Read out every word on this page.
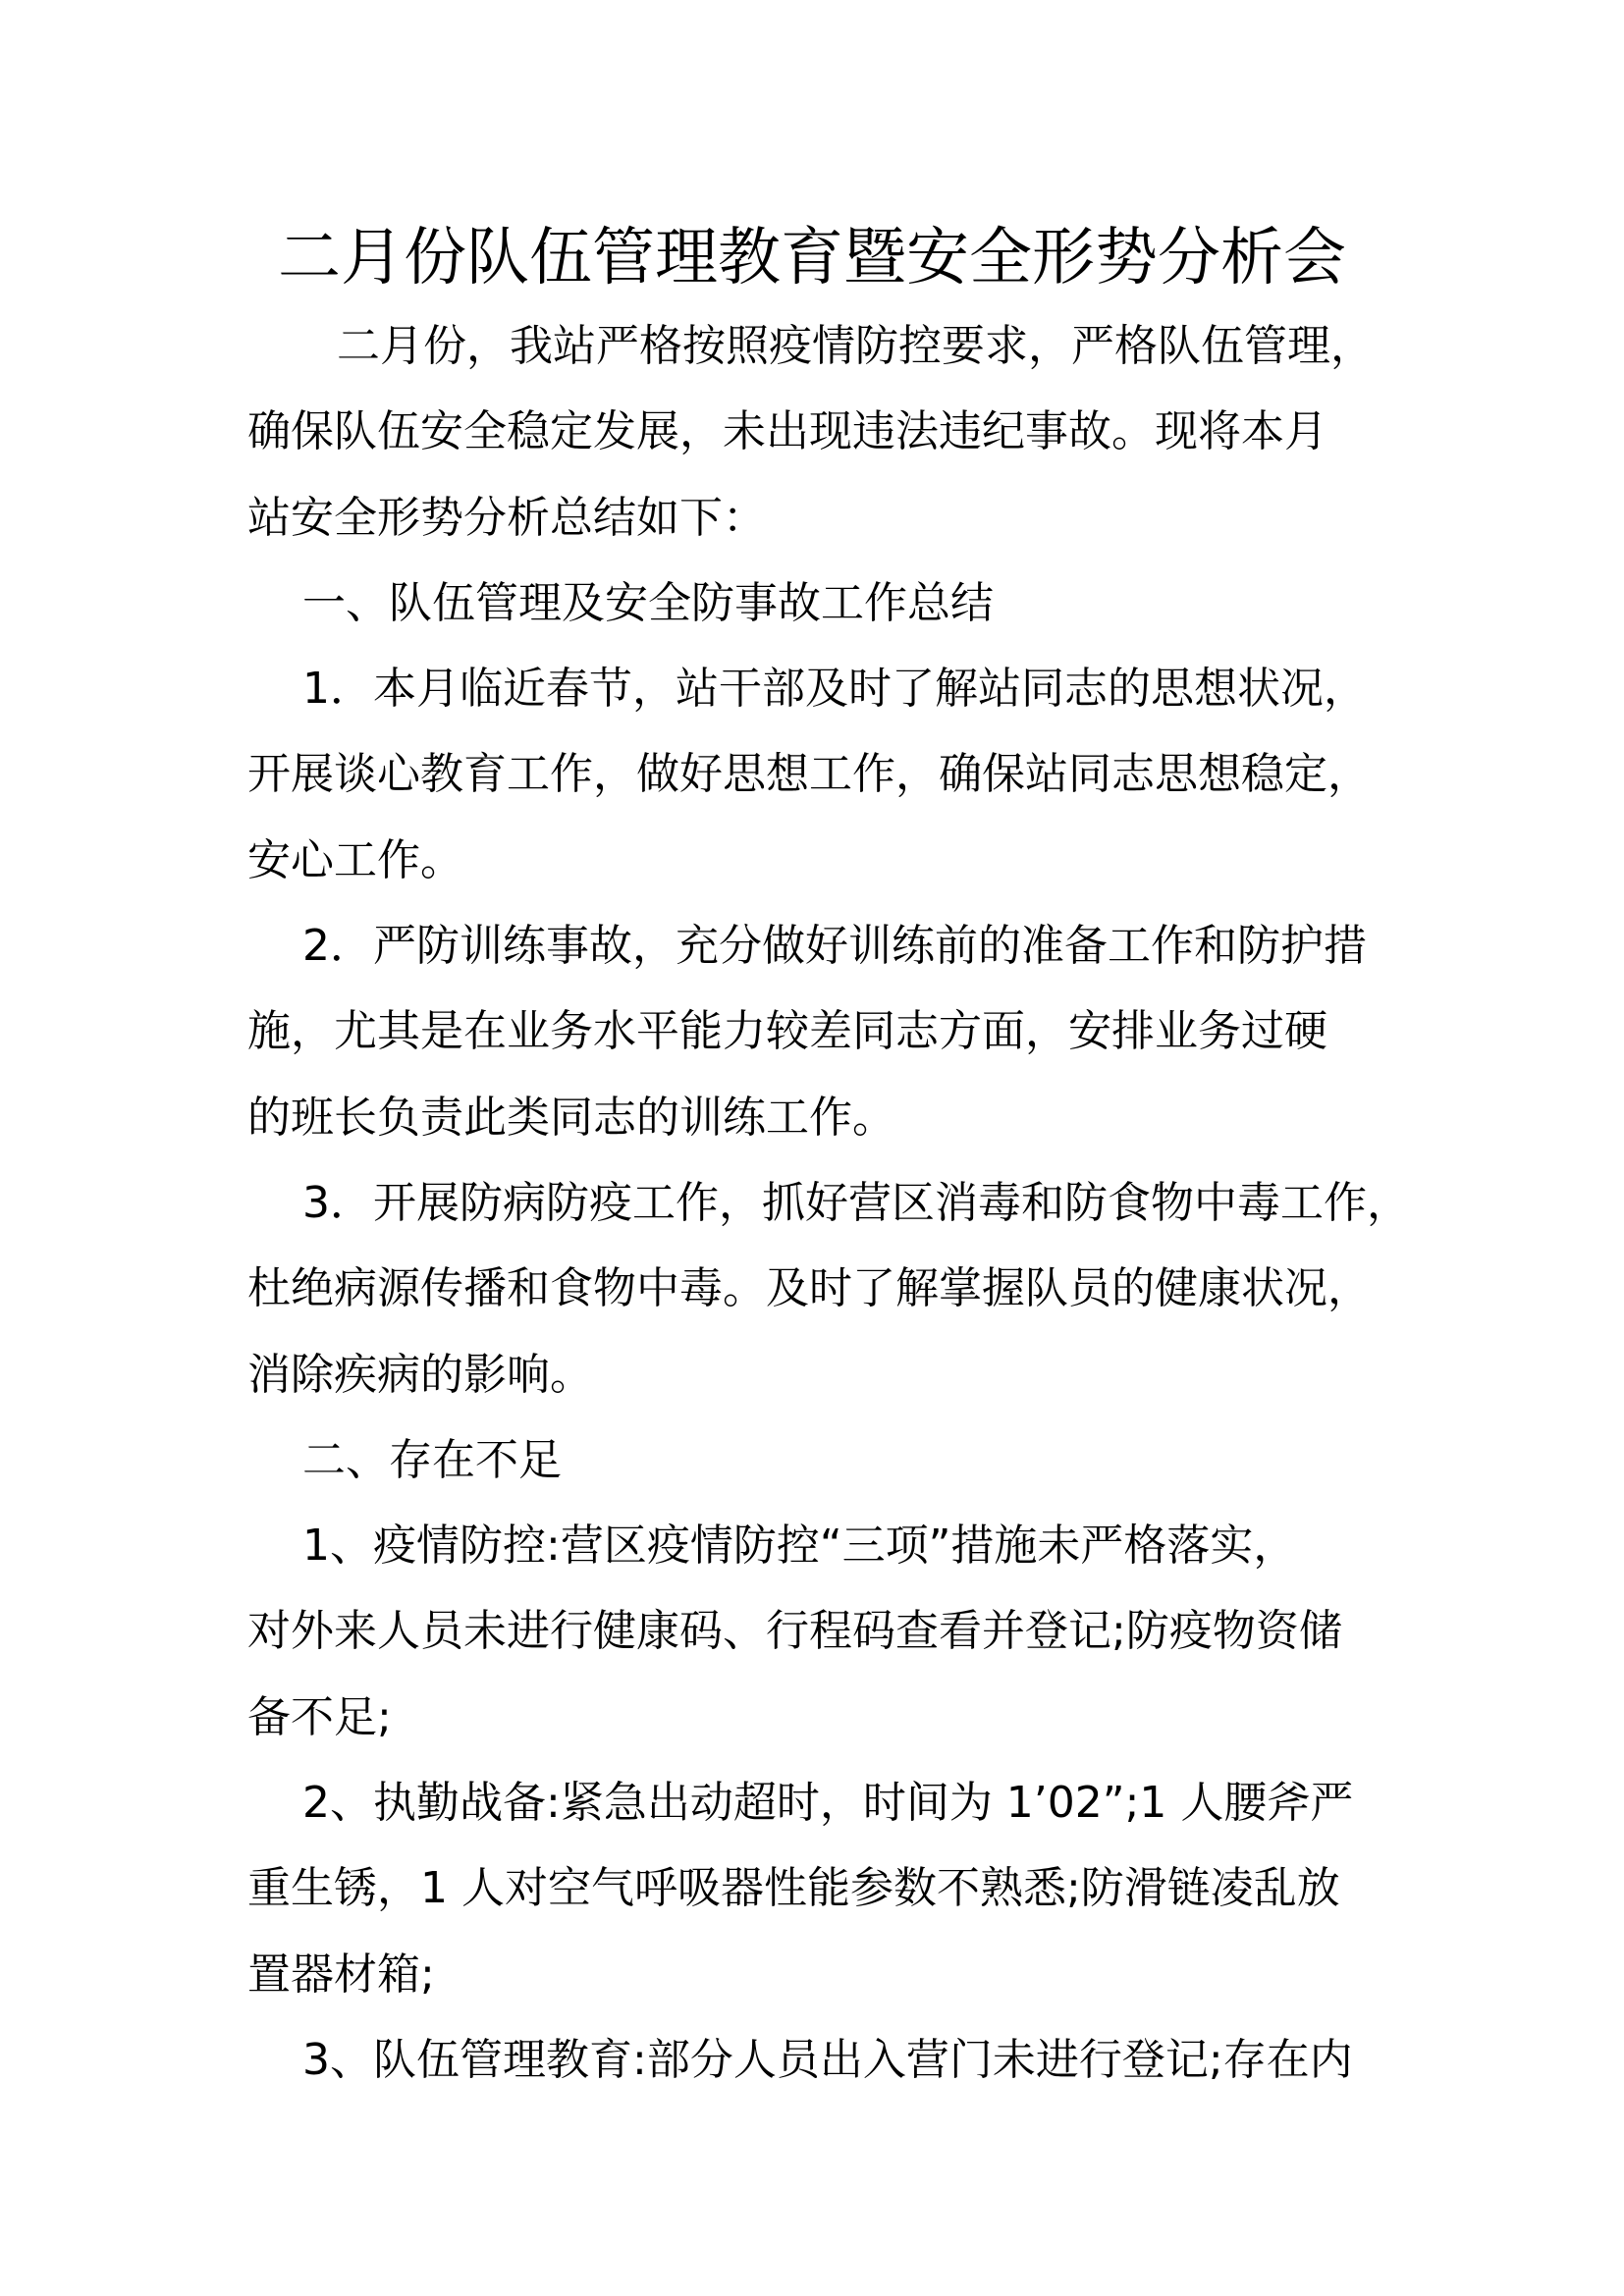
二月份队伍管理教育暨安全形势分析会
二月份，我站严格按照疫情防控要求，严格队伍管理，
确保队伍安全稳定发展，未出现违法违纪事故。现将本月
站安全形势分析总结如下：
一、队伍管理及安全防事故工作总结
1．本月临近春节，站干部及时了解站同志的思想状况，
开展谈心教育工作，做好思想工作，确保站同志思想稳定，
安心工作。
2．严防训练事故，充分做好训练前的准备工作和防护措
施，尤其是在业务水平能力较差同志方面，安排业务过硬
的班长负责此类同志的训练工作。
3．开展防病防疫工作，抓好营区消毒和防食物中毒工作，
杜绝病源传播和食物中毒。及时了解掌握队员的健康状况，
消除疾病的影响。
二、存在不足
1、疫情防控:营区疫情防控“三项”措施未严格落实，
对外来人员未进行健康码、行程码查看并登记;防疫物资储
备不足;
2、执勤战备:紧急出动超时，时间为 1’02”;1 人腰斧严
重生锈，1 人对空气呼吸器性能参数不熟悉;防滑链凌乱放
置器材箱;
3、队伍管理教育:部分人员出入营门未进行登记;存在内
